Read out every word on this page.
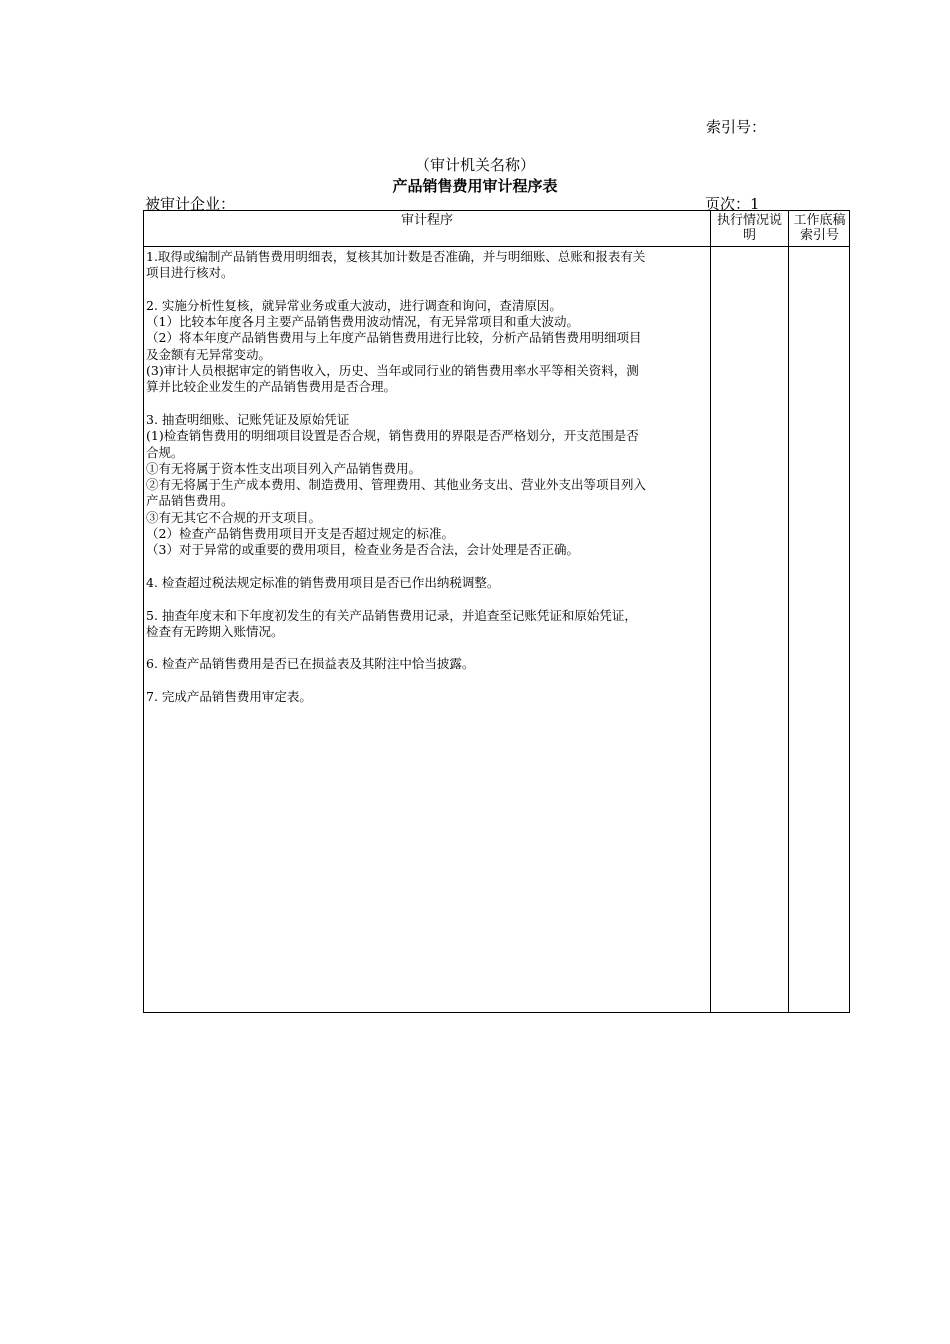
索引号：
（审计机关名称）
产品销售费用审计程序表
被审计企业：	页次：1
审计程序	执行情况说
明
工作底稿
索引号
1.取得或编制产品销售费用明细表，复核其加计数是否准确，并与明细账、总账和报表有关
项目进行核对。
2. 实施分析性复核，就异常业务或重大波动，进行调查和询问，查清原因。
（1）比较本年度各月主要产品销售费用波动情况，有无异常项目和重大波动。
（2）将本年度产品销售费用与上年度产品销售费用进行比较，分析产品销售费用明细项目
及金额有无异常变动。
(3)审计人员根据审定的销售收入，历史、当年或同行业的销售费用率水平等相关资料，测
算并比较企业发生的产品销售费用是否合理。
3. 抽查明细账、记账凭证及原始凭证
(1)检查销售费用的明细项目设置是否合规，销售费用的界限是否严格划分，开支范围是否
合规。
①有无将属于资本性支出项目列入产品销售费用。
②有无将属于生产成本费用、制造费用、管理费用、其他业务支出、营业外支出等项目列入
产品销售费用。
③有无其它不合规的开支项目。
（2）检查产品销售费用项目开支是否超过规定的标准。
（3）对于异常的或重要的费用项目，检查业务是否合法，会计处理是否正确。
4. 检查超过税法规定标准的销售费用项目是否已作出纳税调整。
5. 抽查年度末和下年度初发生的有关产品销售费用记录，并追查至记账凭证和原始凭证，
检查有无跨期入账情况。
6. 检查产品销售费用是否已在损益表及其附注中恰当披露。
7. 完成产品销售费用审定表。
